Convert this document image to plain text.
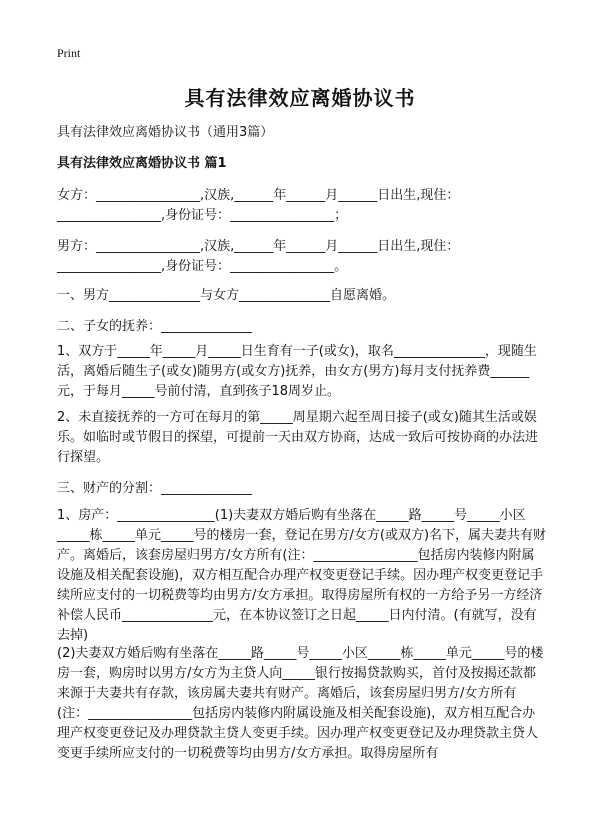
Print
具有法律效应离婚协议书
具有法律效应离婚协议书（通用3篇）
具有法律效应离婚协议书 篇1
女方：________________,汉族,______年______月______日出生,现住：
________________,身份证号：________________；
男方：________________,汉族,______年______月______日出生,现住：
________________,身份证号：________________。
一、男方______________与女方______________自愿离婚。
二、子女的抚养：______________
1、双方于_____年_____月_____日生育有一子(或女)，取名______________，现随生活，离婚后随生子(或女)随男方(或女方)抚养，由女方(男方)每月支付抚养费______元，于每月_____号前付清，直到孩子18周岁止。
2、未直接抚养的一方可在每月的第_____周星期六起至周日接子(或女)随其生活或娱乐。如临时或节假日的探望，可提前一天由双方协商，达成一致后可按协商的办法进行探望。
三、财产的分割：______________
1、房产：_______________(1)夫妻双方婚后购有坐落在_____路_____号_____小区_____栋_____单元_____号的楼房一套，登记在男方/女方(或双方)名下，属夫妻共有财产。离婚后，该套房屋归男方/女方所有(注：________________包括房内装修内附属设施及相关配套设施)，双方相互配合办理产权变更登记手续。因办理产权变更登记手续所应支付的一切税费等均由男方/女方承担。取得房屋所有权的一方给予另一方经济补偿人民币______________元，在本协议签订之日起_____日内付清。(有就写，没有去掉)
(2)夫妻双方婚后购有坐落在_____路_____号_____小区_____栋_____单元_____号的楼房一套，购房时以男方/女方为主贷人向_____银行按揭贷款购买，首付及按揭还款都来源于夫妻共有存款，该房属夫妻共有财产。离婚后，该套房屋归男方/女方所有(注：________________包括房内装修内附属设施及相关配套设施)，双方相互配合办理产权变更登记及办理贷款主贷人变更手续。因办理产权变更登记及办理贷款主贷人变更手续所应支付的一切税费等均由男方/女方承担。取得房屋所有
